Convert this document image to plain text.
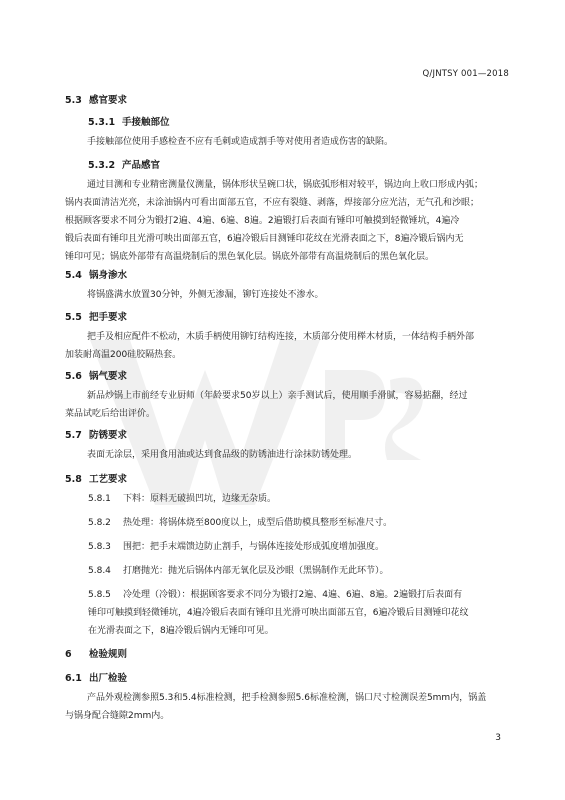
Q/JNTSY 001—2018
5.3 感官要求
5.3.1 手接触部位
手接触部位使用手感检查不应有毛刺或造成割手等对使用者造成伤害的缺陷。
5.3.2 产品感官
通过目测和专业精密测量仪测量，锅体形状呈碗口状，锅底弧形相对较平，锅边向上收口形成内弧；
锅内表面清洁光亮，未涂油锅内可看出面部五官，不应有裂缝、剥落，焊接部分应光洁，无气孔和沙眼；
根据顾客要求不同分为锻打2遍、4遍、6遍、8遍。2遍锻打后表面有锤印可触摸到轻微锤坑，4遍冷
锻后表面有锤印且光滑可映出面部五官，6遍冷锻后目测锤印花纹在光滑表面之下，8遍冷锻后锅内无
锤印可见；锅底外部带有高温烧制后的黑色氧化层。锅底外部带有高温烧制后的黑色氧化层。
5.4 锅身渗水
将锅盛满水放置30分钟，外侧无渗漏，铆钉连接处不渗水。
5.5 把手要求
把手及相应配件不松动，木质手柄使用铆钉结构连接，木质部分使用榉木材质，一体结构手柄外部
加装耐高温200硅胶隔热套。
5.6 锅气要求
新品炒锅上市前经专业厨师（年龄要求50岁以上）亲手测试后，使用顺手滑腻，容易掂翻，经过
菜品试吃后给出评价。
5.7 防锈要求
表面无涂层，采用食用油或达到食品级的防锈油进行涂抹防锈处理。
5.8 工艺要求
5.8.1 下料：原料无破损凹坑，边缘无杂质。
5.8.2 热处理：将锅体烧至800度以上，成型后借助模具整形至标准尺寸。
5.8.3 围把：把手末端馈边防止割手，与锅体连接处形成弧度增加强度。
5.8.4 打磨抛光：抛光后锅体内部无氧化层及沙眼（黑锅制作无此环节）。
5.8.5 冷处理（冷锻）：根据顾客要求不同分为锻打2遍、4遍、6遍、8遍。2遍锻打后表面有
锤印可触摸到轻微锤坑，4遍冷锻后表面有锤印且光滑可映出面部五官，6遍冷锻后目测锤印花纹
在光滑表面之下，8遍冷锻后锅内无锤印可见。
6 检验规则
6.1 出厂检验
产品外观检测参照5.3和5.4标准检测，把手检测参照5.6标准检测，锅口尺寸检测误差5mm内，锅盖
与锅身配合缝隙2mm内。
3
